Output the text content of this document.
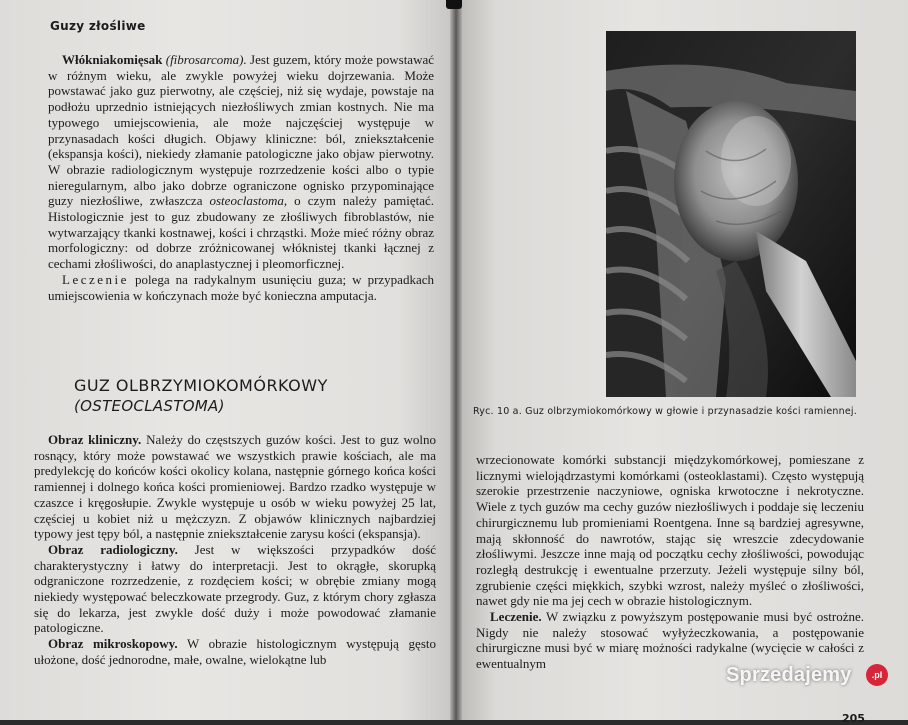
Guzy złośliwe

Włókniakomięsak (fibrosarcoma). Jest guzem, który może powstawać w różnym wieku, ale zwykle powyżej wieku dojrzewania. Może powstawać jako guz pierwotny, ale częściej, niż się wydaje, powstaje na podłożu uprzednio istniejących niezłośliwych zmian kostnych. Nie ma typowego umiejscowienia, ale może najczęściej występuje w przynasadach kości długich. Objawy kliniczne: ból, zniekształcenie (ekspansja kości), niekiedy złamanie patologiczne jako objaw pierwotny. W obrazie radiologicznym występuje rozrzedzenie kości albo o typie nieregularnym, albo jako dobrze ograniczone ognisko przypominające guzy niezłośliwe, zwłaszcza osteoclastoma, o czym należy pamiętać. Histologicznie jest to guz zbudowany ze złośliwych fibroblastów, nie wytwarzający tkanki kostnawej, kości i chrząstki. Może mieć różny obraz morfologiczny: od dobrze zróżnicowanej włóknistej tkanki łącznej z cechami złośliwości, do anaplastycznej i pleomorficznej.

Leczenie polega na radykalnym usunięciu guza; w przypadkach umiejscowienia w kończynach może być konieczna amputacja.

GUZ OLBRZYMIOKOMÓRKOWY
(OSTEOCLASTOMA)

Obraz kliniczny. Należy do częstszych guzów kości. Jest to guz wolno rosnący, który może powstawać we wszystkich prawie kościach, ale ma predylekcję do końców kości okolicy kolana, następnie górnego końca kości ramiennej i dolnego końca kości promieniowej. Bardzo rzadko występuje w czaszce i kręgosłupie. Zwykle występuje u osób w wieku powyżej 25 lat, częściej u kobiet niż u mężczyzn. Z objawów klinicznych najbardziej typowy jest tępy ból, a następnie zniekształcenie zarysu kości (ekspansja).

Obraz radiologiczny. Jest w większości przypadków dość charakterystyczny i łatwy do interpretacji. Jest to okrągłe, skorupką odgraniczone rozrzedzenie, z rozdęciem kości; w obrębie zmiany mogą niekiedy występować beleczkowate przegrody. Guz, z którym chory zgłasza się do lekarza, jest zwykle dość duży i może powodować złamanie patologiczne.

Obraz mikroskopowy. W obrazie histologicznym występują gęsto ułożone, dość jednorodne, małe, owalne, wielokątne lub

Ryc. 10 a. Guz olbrzymiokomórkowy w głowie i przynasadzie kości ramiennej.

wrzecionowate komórki substancji międzykomórkowej, pomieszane z licznymi wielojądrzastymi komórkami (osteoklastami). Często występują szerokie przestrzenie naczyniowe, ogniska krwotoczne i nekrotyczne. Wiele z tych guzów ma cechy guzów niezłośliwych i poddaje się leczeniu chirurgicznemu lub promieniami Roentgena. Inne są bardziej agresywne, mają skłonność do nawrotów, stając się wreszcie zdecydowanie złośliwymi. Jeszcze inne mają od początku cechy złośliwości, powodując rozległą destrukcję i ewentualne przerzuty. Jeżeli występuje silny ból, zgrubienie części miękkich, szybki wzrost, należy myśleć o złośliwości, nawet gdy nie ma jej cech w obrazie histologicznym.

Leczenie. W związku z powyższym postępowanie musi być ostrożne. Nigdy nie należy stosować wyłyżeczkowania, a postępowanie chirurgiczne musi być w miarę możności radykalne (wycięcie w całości z ewentualnym

Sprzedajemy	.pl
205
